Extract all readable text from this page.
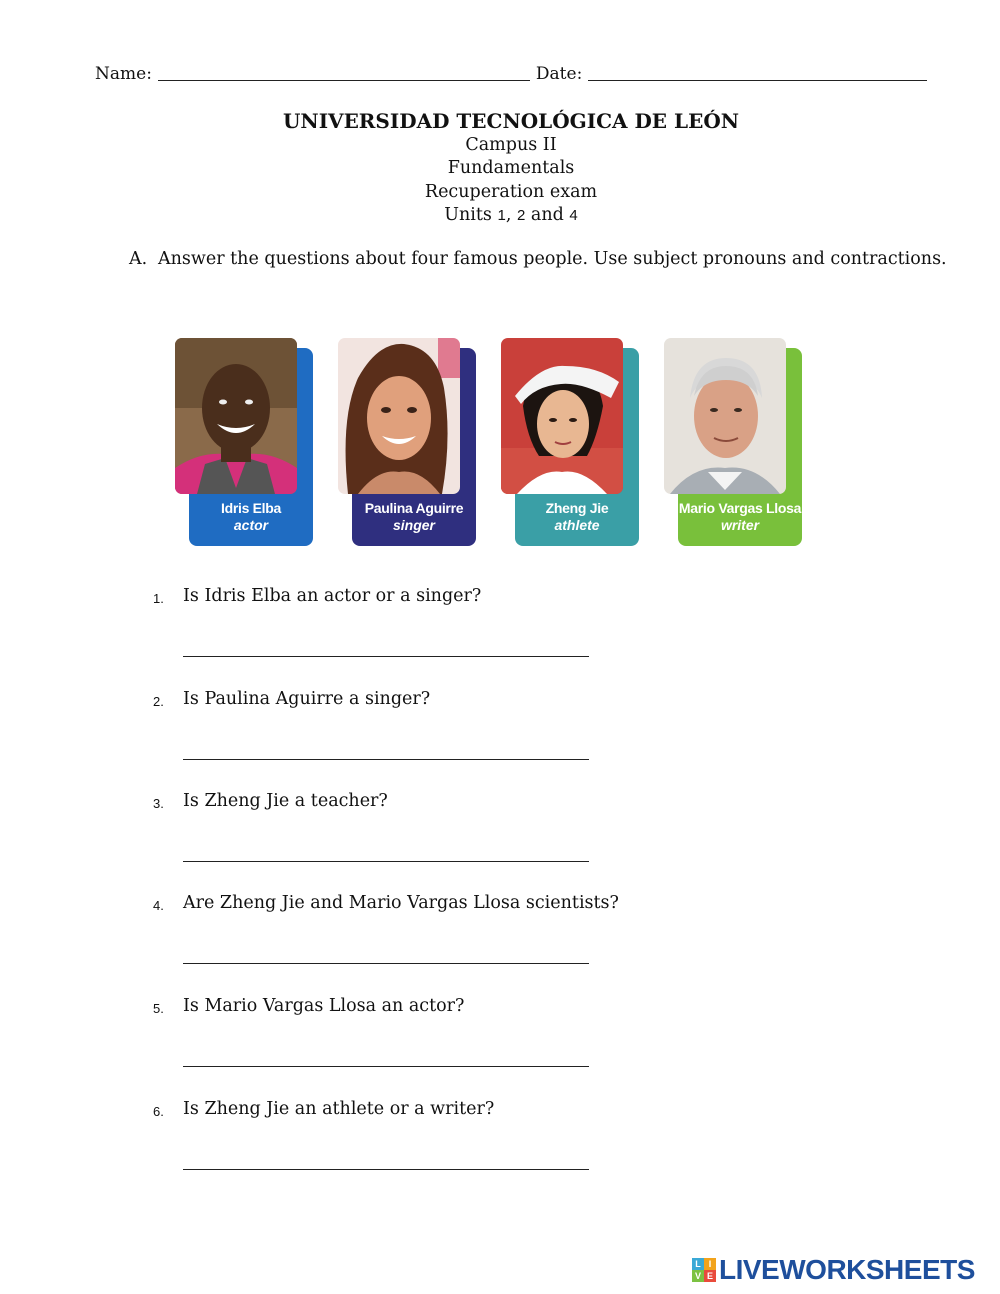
Name:	Date:
UNIVERSIDAD TECNOLÓGICA DE LEÓN
Campus II
Fundamentals
Recuperation exam
Units 1, 2 and 4
A. Answer the questions about four famous people. Use subject pronouns and contractions.
Idris Elba
actor
Paulina Aguirre
singer
Zheng Jie
athlete
Mario Vargas Llosa
writer
1. Is Idris Elba an actor or a singer?
2. Is Paulina Aguirre a singer?
3. Is Zheng Jie a teacher?
4. Are Zheng Jie and Mario Vargas Llosa scientists?
5. Is Mario Vargas Llosa an actor?
6. Is Zheng Jie an athlete or a writer?
L I
V E LIVEWORKSHEETS
